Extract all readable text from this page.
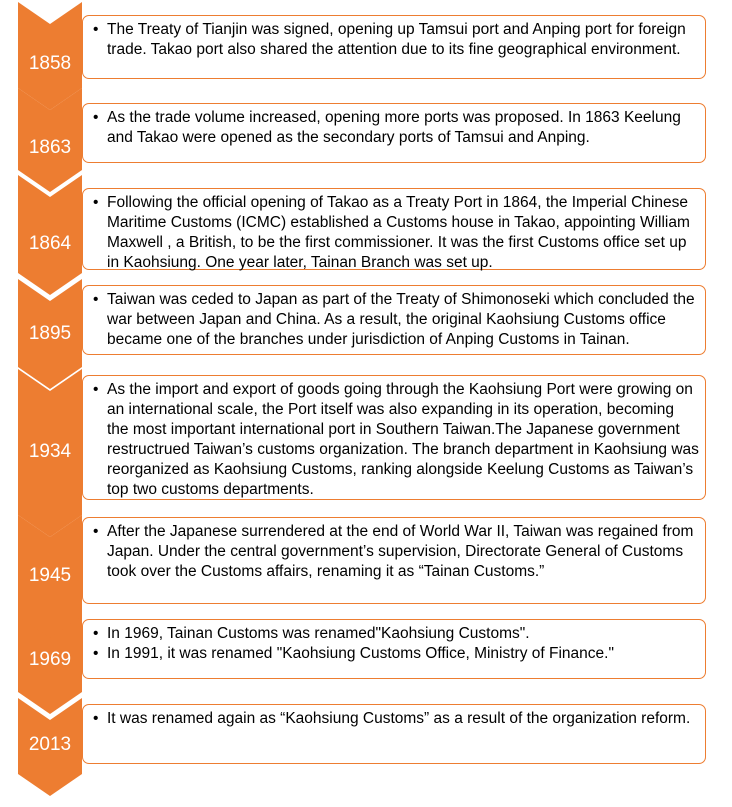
1858
• The Treaty of Tianjin was signed, opening up Tamsui port and Anping port for foreign trade. Takao port also shared the attention due to its fine geographical environment.
1863
• As the trade volume increased, opening more ports was proposed. In 1863 Keelung and Takao were opened as the secondary ports of Tamsui and Anping.
1864
• Following the official opening of Takao as a Treaty Port in 1864, the Imperial Chinese Maritime Customs (ICMC) established a Customs house in Takao, appointing William Maxwell , a British, to be the first commissioner. It was the first Customs office set up in Kaohsiung. One year later, Tainan Branch was set up.
1895
• Taiwan was ceded to Japan as part of the Treaty of Shimonoseki which concluded the war between Japan and China. As a result, the original Kaohsiung Customs office became one of the branches under jurisdiction of Anping Customs in Tainan.
1934
• As the import and export of goods going through the Kaohsiung Port were growing on an international scale, the Port itself was also expanding in its operation, becoming the most important international port in Southern Taiwan.The Japanese government restructrued Taiwan’s customs organization. The branch department in Kaohsiung was reorganized as Kaohsiung Customs, ranking alongside Keelung Customs as Taiwan’s top two customs departments.
1945
• After the Japanese surrendered at the end of World War II, Taiwan was regained from Japan. Under the central government’s supervision, Directorate General of Customs took over the Customs affairs, renaming it as “Tainan Customs.”
1969
• In 1969, Tainan Customs was renamed"Kaohsiung Customs".
• In 1991, it was renamed "Kaohsiung Customs Office, Ministry of Finance."
2013
• It was renamed again as “Kaohsiung Customs” as a result of the organization reform.
